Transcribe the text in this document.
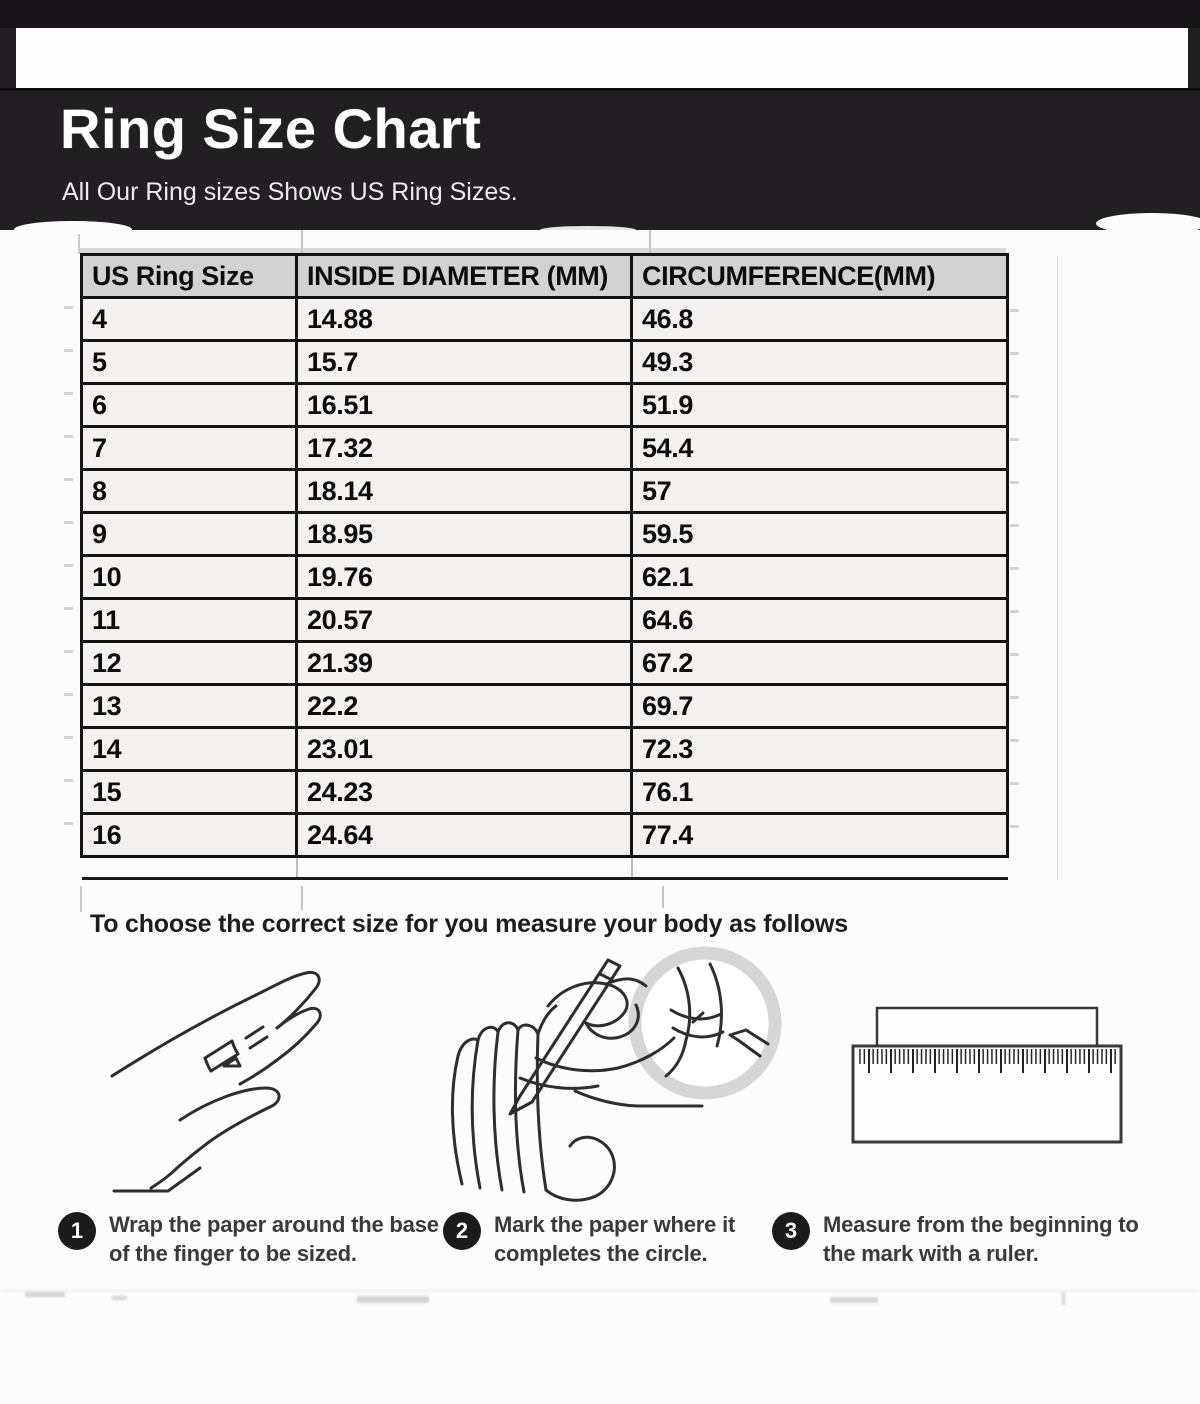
Ring Size Chart
All Our Ring sizes Shows US Ring Sizes.
US Ring Size	INSIDE DIAMETER (MM)	CIRCUMFERENCE(MM)
4	14.88	46.8
5	15.7	49.3
6	16.51	51.9
7	17.32	54.4
8	18.14	57
9	18.95	59.5
10	19.76	62.1
11	20.57	64.6
12	21.39	67.2
13	22.2	69.7
14	23.01	72.3
15	24.23	76.1
16	24.64	77.4

To choose the correct size for you measure your body as follows
1	Wrap the paper around the base of the finger to be sized.
2	Mark the paper where it completes the circle.
3	Measure from the beginning to the mark with a ruler.
